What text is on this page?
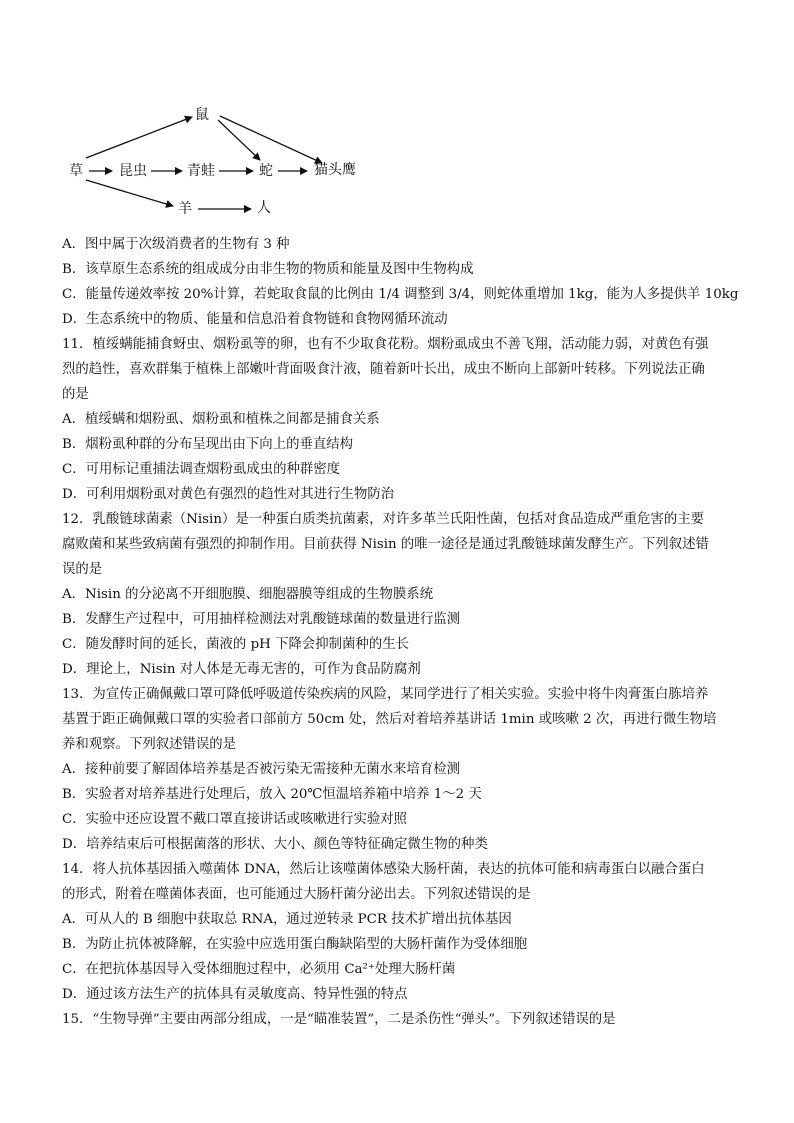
鼠
草	昆虫	青蛙	蛇	猫头鹰
羊	人
A．图中属于次级消费者的生物有 3 种
B．该草原生态系统的组成成分由非生物的物质和能量及图中生物构成
C．能量传递效率按 20%计算，若蛇取食鼠的比例由 1/4 调整到 3/4，则蛇体重增加 1kg，能为人多提供羊 10kg
D．生态系统中的物质、能量和信息沿着食物链和食物网循环流动
11．植绥螨能捕食蚜虫、烟粉虱等的卵，也有不少取食花粉。烟粉虱成虫不善飞翔，活动能力弱，对黄色有强
烈的趋性，喜欢群集于植株上部嫩叶背面吸食汁液，随着新叶长出，成虫不断向上部新叶转移。下列说法正确
的是
A．植绥螨和烟粉虱、烟粉虱和植株之间都是捕食关系
B．烟粉虱种群的分布呈现出由下向上的垂直结构
C．可用标记重捕法调查烟粉虱成虫的种群密度
D．可利用烟粉虱对黄色有强烈的趋性对其进行生物防治
12．乳酸链球菌素（Nisin）是一种蛋白质类抗菌素，对许多革兰氏阳性菌，包括对食品造成严重危害的主要
腐败菌和某些致病菌有强烈的抑制作用。目前获得 Nisin 的唯一途径是通过乳酸链球菌发酵生产。下列叙述错
误的是
A．Nisin 的分泌离不开细胞膜、细胞器膜等组成的生物膜系统
B．发酵生产过程中，可用抽样检测法对乳酸链球菌的数量进行监测
C．随发酵时间的延长，菌液的 pH 下降会抑制菌种的生长
D．理论上，Nisin 对人体是无毒无害的，可作为食品防腐剂
13．为宣传正确佩戴口罩可降低呼吸道传染疾病的风险，某同学进行了相关实验。实验中将牛肉膏蛋白胨培养
基置于距正确佩戴口罩的实验者口部前方 50cm 处，然后对着培养基讲话 1min 或咳嗽 2 次，再进行微生物培
养和观察。下列叙述错误的是
A．接种前要了解固体培养基是否被污染无需接种无菌水来培育检测
B．实验者对培养基进行处理后，放入 20℃恒温培养箱中培养 1～2 天
C．实验中还应设置不戴口罩直接讲话或咳嗽进行实验对照
D．培养结束后可根据菌落的形状、大小、颜色等特征确定微生物的种类
14．将人抗体基因插入噬菌体 DNA，然后让该噬菌体感染大肠杆菌，表达的抗体可能和病毒蛋白以融合蛋白
的形式，附着在噬菌体表面，也可能通过大肠杆菌分泌出去。下列叙述错误的是
A．可从人的 B 细胞中获取总 RNA，通过逆转录 PCR 技术扩增出抗体基因
B．为防止抗体被降解，在实验中应选用蛋白酶缺陷型的大肠杆菌作为受体细胞
C．在把抗体基因导入受体细胞过程中，必须用 Ca²⁺处理大肠杆菌
D．通过该方法生产的抗体具有灵敏度高、特异性强的特点
15．“生物导弹”主要由两部分组成，一是“瞄准装置”，二是杀伤性“弹头”。下列叙述错误的是
